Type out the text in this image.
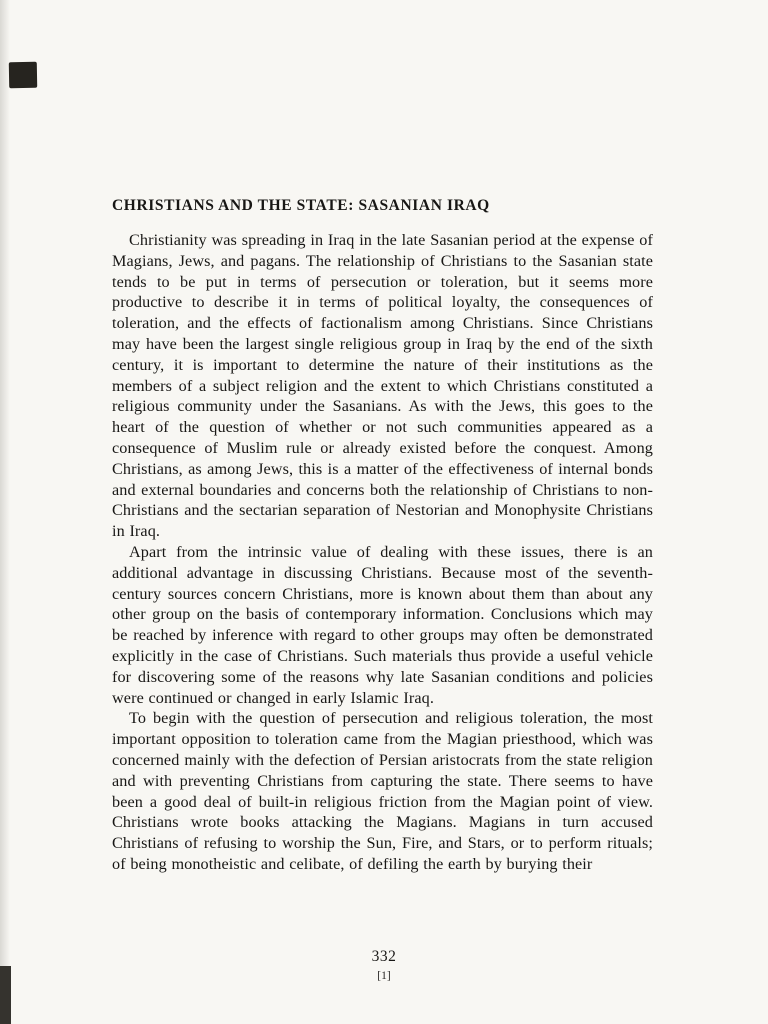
CHRISTIANS AND THE STATE: SASANIAN IRAQ

Christianity was spreading in Iraq in the late Sasanian period at the expense of Magians, Jews, and pagans. The relationship of Christians to the Sasanian state tends to be put in terms of persecution or toleration, but it seems more productive to describe it in terms of political loyalty, the consequences of toleration, and the effects of factionalism among Christians. Since Christians may have been the largest single religious group in Iraq by the end of the sixth century, it is important to determine the nature of their institutions as the members of a subject religion and the extent to which Christians constituted a religious community under the Sasanians. As with the Jews, this goes to the heart of the question of whether or not such communities appeared as a consequence of Muslim rule or already existed before the conquest. Among Christians, as among Jews, this is a matter of the effectiveness of internal bonds and external boundaries and concerns both the relationship of Christians to non-Christians and the sectarian separation of Nestorian and Monophysite Christians in Iraq.

Apart from the intrinsic value of dealing with these issues, there is an additional advantage in discussing Christians. Because most of the seventh-century sources concern Christians, more is known about them than about any other group on the basis of contemporary information. Conclusions which may be reached by inference with regard to other groups may often be demonstrated explicitly in the case of Christians. Such materials thus provide a useful vehicle for discovering some of the reasons why late Sasanian conditions and policies were continued or changed in early Islamic Iraq.

To begin with the question of persecution and religious toleration, the most important opposition to toleration came from the Magian priesthood, which was concerned mainly with the defection of Persian aristocrats from the state religion and with preventing Christians from capturing the state. There seems to have been a good deal of built-in religious friction from the Magian point of view. Christians wrote books attacking the Magians. Magians in turn accused Christians of refusing to worship the Sun, Fire, and Stars, or to perform rituals; of being monotheistic and celibate, of defiling the earth by burying their

332
[1]
